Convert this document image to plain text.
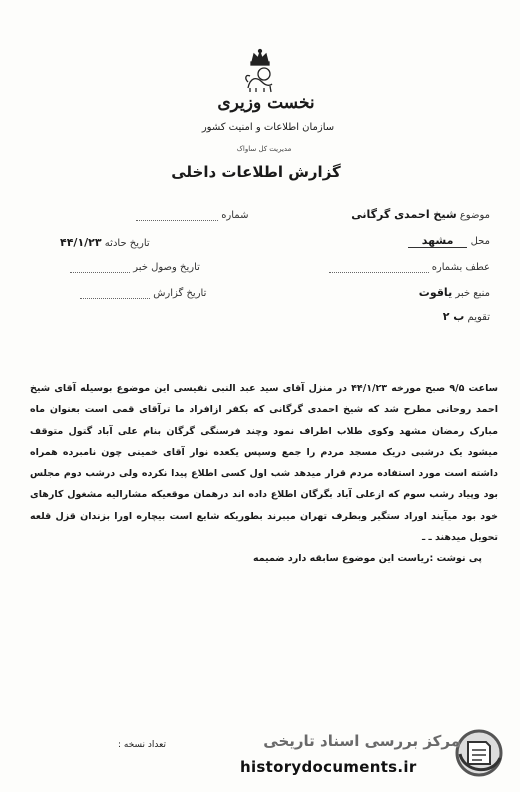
نخست وزیری
سازمان اطلاعات و امنیت کشور
مدیریت کل ساواک
گزارش اطلاعات داخلی
شماره
تاریخ حادثه ۴۴/۱/۲۳
تاریخ وصول خبر
تاریخ گزارش
موضوع شیخ احمدی گرگانی
محل مشهد
عطف بشماره
منبع خبر یاقوت
تقویم ب ۲

ساعت ۹/۵ صبح مورخه ۴۴/۱/۲۳ در منزل آقای سید عبد النبی نفیسی این موضوع بوسیله آقای شیخ احمد روحانی مطرح شد که شیخ احمدی گرگانی که بکفر ازافراد ما ترآقای قمی است بعنوان ماه مبارک رمضان مشهد وکوی طلاب اطراف نمود وچند فرسنگی گرگان بنام علی آباد گتول متوقف میشود یک درشبی دریک مسجد مردم را جمع وسپس یکعده نوار آقای خمینی چون نامبرده همراه داشته است مورد استفاده مردم قرار میدهد شب اول کسی اطلاع پیدا نکرده ولی درشب دوم مجلس بود وپیاد رشب سوم که ازعلی آباد بگرگان اطلاع داده اند درهمان موقعیکه مشارالیه مشغول کارهای خود بود میآیند اوراد ستگیر وبطرف تهران میبرند بطوریکه شایع است بیچاره اورا بزندان قزل قلعه تحویل میدهند ـ ـ

پی نوشت :رياست این موضوع سابقه دارد ضمیمه
تعداد نسخه :	مرکز بررسی اسناد تاریخی
historydocuments.ir
